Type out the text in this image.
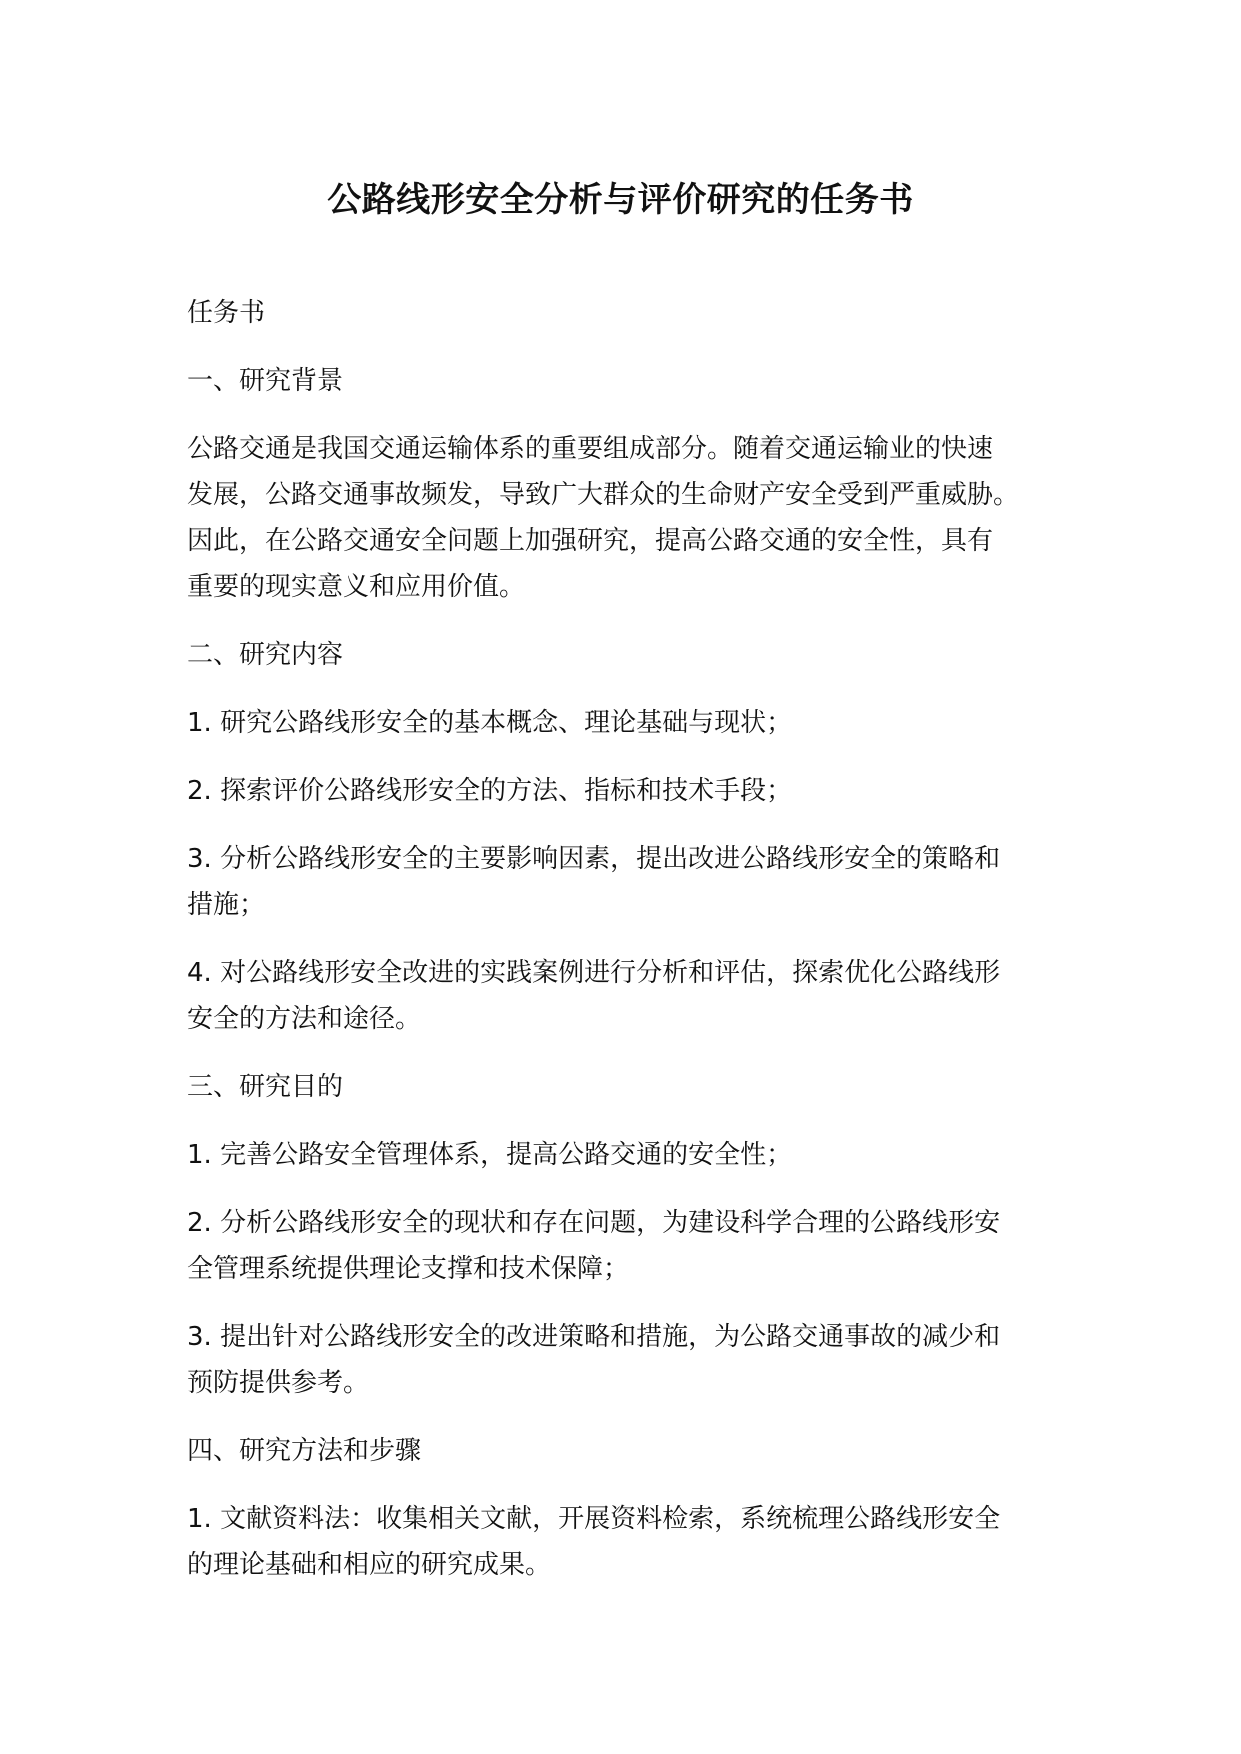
公路线形安全分析与评价研究的任务书

任务书

一、研究背景

公路交通是我国交通运输体系的重要组成部分。随着交通运输业的快速
发展，公路交通事故频发，导致广大群众的生命财产安全受到严重威胁。
因此，在公路交通安全问题上加强研究，提高公路交通的安全性，具有
重要的现实意义和应用价值。

二、研究内容

1. 研究公路线形安全的基本概念、理论基础与现状；

2. 探索评价公路线形安全的方法、指标和技术手段；

3. 分析公路线形安全的主要影响因素，提出改进公路线形安全的策略和
措施；

4. 对公路线形安全改进的实践案例进行分析和评估，探索优化公路线形
安全的方法和途径。

三、研究目的

1. 完善公路安全管理体系，提高公路交通的安全性；

2. 分析公路线形安全的现状和存在问题，为建设科学合理的公路线形安
全管理系统提供理论支撑和技术保障；

3. 提出针对公路线形安全的改进策略和措施，为公路交通事故的减少和
预防提供参考。

四、研究方法和步骤

1. 文献资料法：收集相关文献，开展资料检索，系统梳理公路线形安全
的理论基础和相应的研究成果。
